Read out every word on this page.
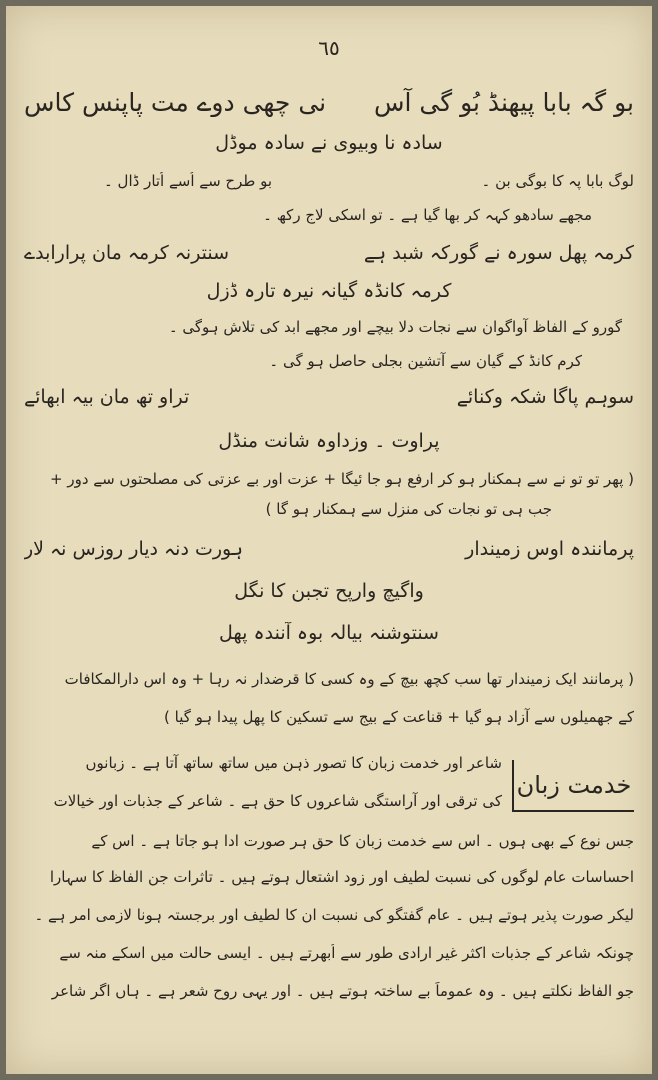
٦٥
بو گہ بابا پیھنڈ بُو گی آس
نی چھی دوے مت پاپنس کاس
سادہ نا وبیوی نے سادہ موڈل
لوگ بابا پہ کا بوگی بن ۔
بو طرح سے اُسے اُتار ڈال ۔
مجھے سادھو کہہ کر بھا گیا ہے ۔ تو اسکی لاج رکھ ۔
کرمہ پھل سورہ نے گورکہ شبد ہے
سنترنہ کرمہ مان پرارابدے
کرمہ کانڈہ گیانہ نیرہ تارہ ڈزل
گورو کے الفاظ آواگوان سے نجات دلا بیچے اور مجھے ابد کی تلاش ہوگی ۔
کرم کانڈ کے گیان سے آتشین بجلی حاصل ہو گی ۔
سوہم پاگا شکہ وکنائے
تراو تھ مان بیہ ابھائے
پراوت ۔ وزداوہ شانت منڈل
( پھر تو تو نے سے ہمکنار ہو کر ارفع ہو جا ئیگا + عزت اور بے عزتی کی مصلحتوں سے دور +
جب ہی تو نجات کی منزل سے ہمکنار ہو گا )
پرمانندہ اوس زمیندار
ہورت دنہ دیار روزس نہ لار
واگیچ وارپح تجبن کا نگل
سنتوشنہ بیالہ بوہ آنندہ پھل
( پرمانند ایک زمیندار تھا سب کچھ بیچ کے وہ کسی کا قرضدار نہ رہا + وہ اس دارالمکافات
کے جھمیلوں سے آزاد ہو گیا + قناعت کے بیج سے تسکین کا پھل پیدا ہو گیا )
خدمت زبان
شاعر اور خدمت زبان کا تصور ذہن میں ساتھ ساتھ آتا ہے ۔ زبانوں
کی ترقی اور آراستگی شاعروں کا حق ہے ۔ شاعر کے جذبات اور خیالات
جس نوع کے بھی ہوں ۔ اس سے خدمت زبان کا حق ہر صورت ادا ہو جاتا ہے ۔ اس کے
احساسات عام لوگوں کی نسبت لطیف اور زود اشتعال ہوتے ہیں ۔ تاثرات جن الفاظ کا سہارا
لیکر صورت پذیر ہوتے ہیں ۔ عام گفتگو کی نسبت ان کا لطیف اور برجستہ ہونا لازمی امر ہے ۔
چونکہ شاعر کے جذبات اکثر غیر ارادی طور سے اُبھرتے ہیں ۔ ایسی حالت میں اسکے منہ سے
جو الفاظ نکلتے ہیں ۔ وہ عموماً بے ساختہ ہوتے ہیں ۔ اور یہی روح شعر ہے ۔ ہاں اگر شاعر
